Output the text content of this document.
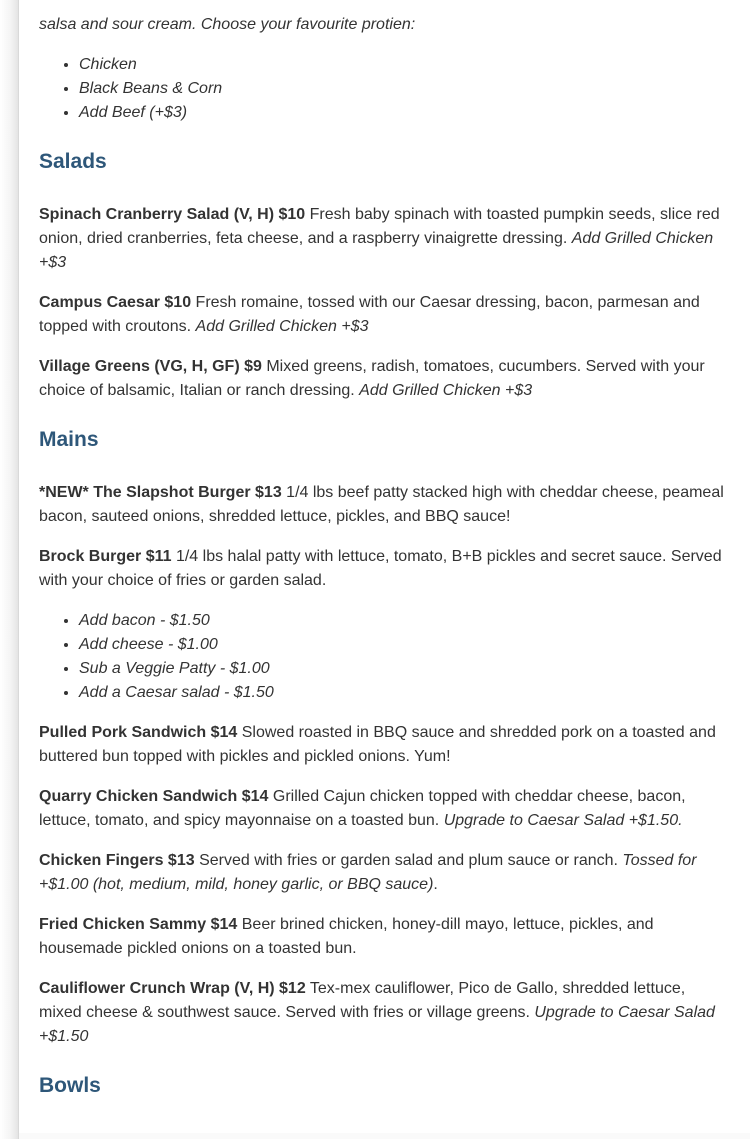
salsa and sour cream. Choose your favourite protien:

• Chicken
• Black Beans & Corn
• Add Beef (+$3)
Salads

Spinach Cranberry Salad (V, H) $10 Fresh baby spinach with toasted pumpkin seeds, slice red onion, dried cranberries, feta cheese, and a raspberry vinaigrette dressing. Add Grilled Chicken +$3

Campus Caesar $10 Fresh romaine, tossed with our Caesar dressing, bacon, parmesan and topped with croutons. Add Grilled Chicken +$3

Village Greens (VG, H, GF) $9 Mixed greens, radish, tomatoes, cucumbers. Served with your choice of balsamic, Italian or ranch dressing. Add Grilled Chicken +$3

Mains

*NEW* The Slapshot Burger $13 1/4 lbs beef patty stacked high with cheddar cheese, peameal bacon, sauteed onions, shredded lettuce, pickles, and BBQ sauce!

Brock Burger $11 1/4 lbs halal patty with lettuce, tomato, B+B pickles and secret sauce. Served with your choice of fries or garden salad.

• Add bacon - $1.50
• Add cheese - $1.00
• Sub a Veggie Patty - $1.00
• Add a Caesar salad - $1.50

Pulled Pork Sandwich $14 Slowed roasted in BBQ sauce and shredded pork on a toasted and buttered bun topped with pickles and pickled onions. Yum!

Quarry Chicken Sandwich $14 Grilled Cajun chicken topped with cheddar cheese, bacon, lettuce, tomato, and spicy mayonnaise on a toasted bun. Upgrade to Caesar Salad +$1.50.

Chicken Fingers $13 Served with fries or garden salad and plum sauce or ranch. Tossed for +$1.00 (hot, medium, mild, honey garlic, or BBQ sauce).

Fried Chicken Sammy $14 Beer brined chicken, honey-dill mayo, lettuce, pickles, and housemade pickled onions on a toasted bun.

Cauliflower Crunch Wrap (V, H) $12 Tex-mex cauliflower, Pico de Gallo, shredded lettuce, mixed cheese & southwest sauce. Served with fries or village greens. Upgrade to Caesar Salad +$1.50

Bowls
